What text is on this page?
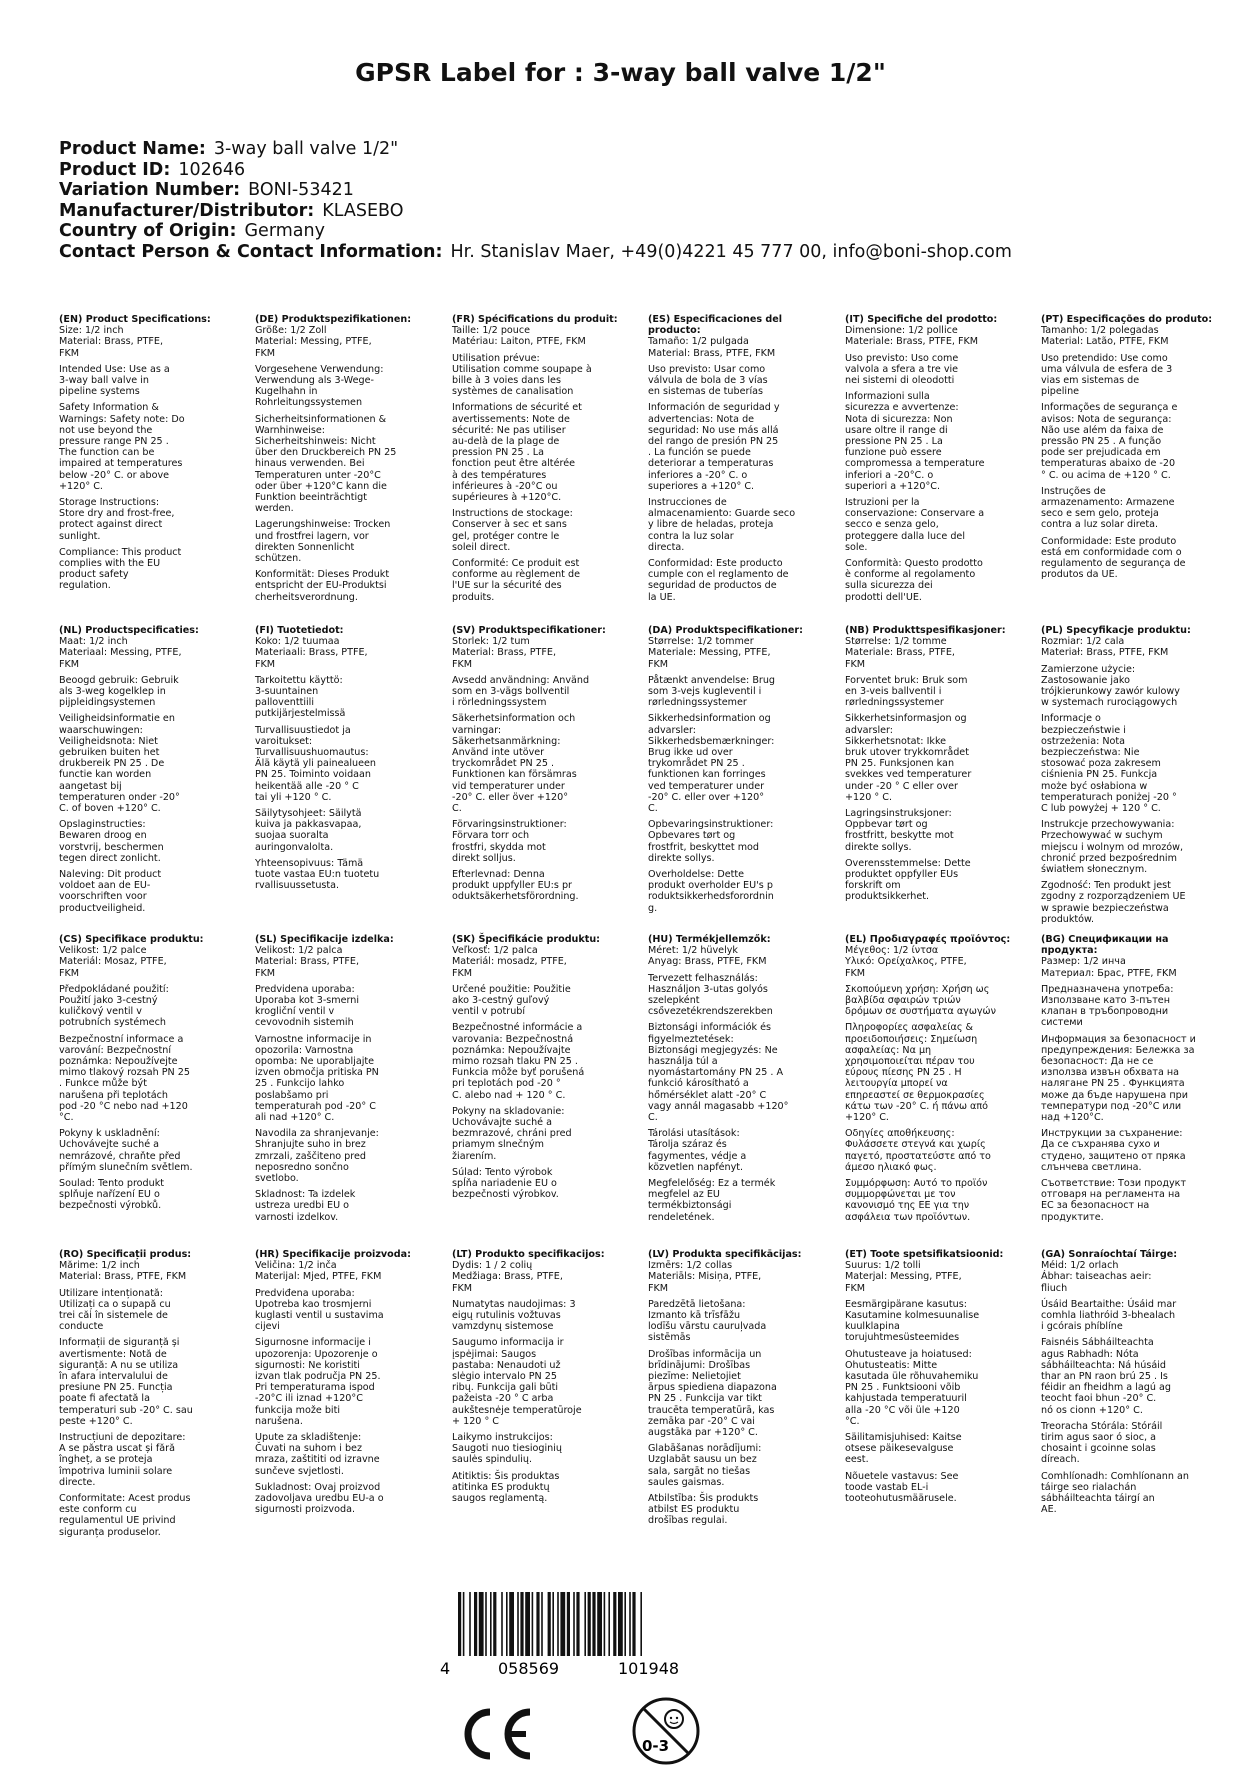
GPSR Label for : 3-way ball valve 1/2"
Product Name: 3-way ball valve 1/2"
Product ID: 102646
Variation Number: BONI-53421
Manufacturer/Distributor: KLASEBO
Country of Origin: Germany
Contact Person & Contact Information: Hr. Stanislav Maer, +49(0)4221 45 777 00, info@boni-shop.com
(EN) Product Specifications:
Size: 1/2 inch
Material: Brass, PTFE,
FKM
Intended Use: Use as a
3-way ball valve in
pipeline systems
Safety Information &
Warnings: Safety note: Do
not use beyond the
pressure range PN 25 .
The function can be
impaired at temperatures
below -20° C. or above
+120° C.
Storage Instructions:
Store dry and frost-free,
protect against direct
sunlight.
Compliance: This product
complies with the EU
product safety
regulation.
(DE) Produktspezifikationen:
Größe: 1/2 Zoll
Material: Messing, PTFE,
FKM
Vorgesehene Verwendung:
Verwendung als 3-Wege-
Kugelhahn in
Rohrleitungssystemen
Sicherheitsinformationen &
Warnhinweise:
Sicherheitshinweis: Nicht
über den Druckbereich PN 25
hinaus verwenden. Bei
Temperaturen unter -20°C
oder über +120°C kann die
Funktion beeinträchtigt
werden.
Lagerungshinweise: Trocken
und frostfrei lagern, vor
direkten Sonnenlicht
schützen.
Konformität: Dieses Produkt
entspricht der EU-Produktsi
cherheitsverordnung.
(FR) Spécifications du produit:
Taille: 1/2 pouce
Matériau: Laiton, PTFE, FKM
Utilisation prévue:
Utilisation comme soupape à
bille à 3 voies dans les
systèmes de canalisation
Informations de sécurité et
avertissements: Note de
sécurité: Ne pas utiliser
au-delà de la plage de
pression PN 25 . La
fonction peut être altérée
à des températures
inférieures à -20°C ou
supérieures à +120°C.
Instructions de stockage:
Conserver à sec et sans
gel, protéger contre le
soleil direct.
Conformité: Ce produit est
conforme au règlement de
l'UE sur la sécurité des
produits.
(ES) Especificaciones del producto:
Tamaño: 1/2 pulgada
Material: Brass, PTFE, FKM
Uso previsto: Usar como
válvula de bola de 3 vías
en sistemas de tuberías
Información de seguridad y
advertencias: Nota de
seguridad: No use más allá
del rango de presión PN 25
. La función se puede
deteriorar a temperaturas
inferiores a -20° C. o
superiores a +120° C.
Instrucciones de
almacenamiento: Guarde seco
y libre de heladas, proteja
contra la luz solar
directa.
Conformidad: Este producto
cumple con el reglamento de
seguridad de productos de
la UE.
(IT) Specifiche del prodotto:
Dimensione: 1/2 pollice
Materiale: Brass, PTFE, FKM
Uso previsto: Uso come
valvola a sfera a tre vie
nei sistemi di oleodotti
Informazioni sulla
sicurezza e avvertenze:
Nota di sicurezza: Non
usare oltre il range di
pressione PN 25 . La
funzione può essere
compromessa a temperature
inferiori a -20°C. o
superiori a +120°C.
Istruzioni per la
conservazione: Conservare a
secco e senza gelo,
proteggere dalla luce del
sole.
Conformità: Questo prodotto
è conforme al regolamento
sulla sicurezza dei
prodotti dell'UE.
(PT) Especificações do produto:
Tamanho: 1/2 polegadas
Material: Latão, PTFE, FKM
Uso pretendido: Use como
uma válvula de esfera de 3
vias em sistemas de
pipeline
Informações de segurança e
avisos: Nota de segurança:
Não use além da faixa de
pressão PN 25 . A função
pode ser prejudicada em
temperaturas abaixo de -20
° C. ou acima de +120 ° C.
Instruções de
armazenamento: Armazene
seco e sem gelo, proteja
contra a luz solar direta.
Conformidade: Este produto
está em conformidade com o
regulamento de segurança de
produtos da UE.
(NL) Productspecificaties:
Maat: 1/2 inch
Materiaal: Messing, PTFE,
FKM
Beoogd gebruik: Gebruik
als 3-weg kogelklep in
pijpleidingsystemen
Veiligheidsinformatie en
waarschuwingen:
Veiligheidsnota: Niet
gebruiken buiten het
drukbereik PN 25 . De
functie kan worden
aangetast bij
temperaturen onder -20°
C. of boven +120° C.
Opslaginstructies:
Bewaren droog en
vorstvrij, beschermen
tegen direct zonlicht.
Naleving: Dit product
voldoet aan de EU-
voorschriften voor
productveiligheid.
(FI) Tuotetiedot:
Koko: 1/2 tuumaa
Materiaali: Brass, PTFE,
FKM
Tarkoitettu käyttö:
3-suuntainen
palloventtiili
putkijärjestelmissä
Turvallisuustiedot ja
varoitukset:
Turvallisuushuomautus:
Älä käytä yli painealueen
PN 25. Toiminto voidaan
heikentää alle -20 ° C
tai yli +120 ° C.
Säilytysohjeet: Säilytä
kuiva ja pakkasvapaa,
suojaa suoralta
auringonvalolta.
Yhteensopivuus: Tämä
tuote vastaa EU:n tuotetu
rvallisuussetusta.
(SV) Produktspecifikationer:
Storlek: 1/2 tum
Material: Brass, PTFE,
FKM
Avsedd användning: Använd
som en 3-vägs bollventil
i rörledningssystem
Säkerhetsinformation och
varningar:
Säkerhetsanmärkning:
Använd inte utöver
tryckområdet PN 25 .
Funktionen kan försämras
vid temperaturer under
-20° C. eller över +120°
C.
Förvaringsinstruktioner:
Förvara torr och
frostfri, skydda mot
direkt solljus.
Efterlevnad: Denna
produkt uppfyller EU:s pr
oduktsäkerhetsförordning.
(DA) Produktspecifikationer:
Størrelse: 1/2 tommer
Materiale: Messing, PTFE,
FKM
Påtænkt anvendelse: Brug
som 3-vejs kugleventil i
rørledningssystemer
Sikkerhedsinformation og
advarsler:
Sikkerhedsbemærkninger:
Brug ikke ud over
trykområdet PN 25 .
funktionen kan forringes
ved temperaturer under
-20° C. eller over +120°
C.
Opbevaringsinstruktioner:
Opbevares tørt og
frostfrit, beskyttet mod
direkte sollys.
Overholdelse: Dette
produkt overholder EU's p
roduktsikkerhedsforordnin
g.
(NB) Produkttspesifikasjoner:
Størrelse: 1/2 tomme
Materiale: Brass, PTFE,
FKM
Forventet bruk: Bruk som
en 3-veis ballventil i
rørledningssystemer
Sikkerhetsinformasjon og
advarsler:
Sikkerhetsnotat: Ikke
bruk utover trykkområdet
PN 25. Funksjonen kan
svekkes ved temperaturer
under -20 ° C eller over
+120 ° C.
Lagringsinstruksjoner:
Oppbevar tørt og
frostfritt, beskytte mot
direkte sollys.
Overensstemmelse: Dette
produktet oppfyller EUs
forskrift om
produktsikkerhet.
(PL) Specyfikacje produktu:
Rozmiar: 1/2 cala
Materiał: Brass, PTFE, FKM
Zamierzone użycie:
Zastosowanie jako
trójkierunkowy zawór kulowy
w systemach rurociągowych
Informacje o
bezpieczeństwie i
ostrzeżenia: Nota
bezpieczeństwa: Nie
stosować poza zakresem
ciśnienia PN 25. Funkcja
może być osłabiona w
temperaturach poniżej -20 °
C lub powyżej + 120 ° C.
Instrukcje przechowywania:
Przechowywać w suchym
miejscu i wolnym od mrozów,
chronić przed bezpośrednim
światłem słonecznym.
Zgodność: Ten produkt jest
zgodny z rozporządzeniem UE
w sprawie bezpieczeństwa
produktów.
(CS) Specifikace produktu:
Velikost: 1/2 palce
Materiál: Mosaz, PTFE,
FKM
Předpokládané použití:
Použití jako 3-cestný
kuličkový ventil v
potrubních systémech
Bezpečnostní informace a
varování: Bezpečnostní
poznámka: Nepoužívejte
mimo tlakový rozsah PN 25
. Funkce může být
narušena při teplotách
pod -20 °C nebo nad +120
°C.
Pokyny k uskladnění:
Uchovávejte suché a
nemrázové, chraňte před
přímým slunečním světlem.
Soulad: Tento produkt
splňuje nařízení EU o
bezpečnosti výrobků.
(SL) Specifikacije izdelka:
Velikost: 1/2 palca
Material: Brass, PTFE,
FKM
Predvidena uporaba:
Uporaba kot 3-smerni
krogliční ventil v
cevovodnih sistemih
Varnostne informacije in
opozorila: Varnostna
opomba: Ne uporabljajte
izven območja pritiska PN
25 . Funkcijo lahko
poslabšamo pri
temperaturah pod -20° C
ali nad +120° C.
Navodila za shranjevanje:
Shranjujte suho in brez
zmrzali, zaščiteno pred
neposredno sončno
svetlobo.
Skladnost: Ta izdelek
ustreza uredbi EU o
varnosti izdelkov.
(SK) Špecifikácie produktu:
Veľkosť: 1/2 palca
Materiál: mosadz, PTFE,
FKM
Určené použitie: Použitie
ako 3-cestný guľový
ventil v potrubí
Bezpečnostné informácie a
varovania: Bezpečnostná
poznámka: Nepoužívajte
mimo rozsah tlaku PN 25 .
Funkcia môže byť porušená
pri teplotách pod -20 °
C. alebo nad + 120 ° C.
Pokyny na skladovanie:
Uchovávajte suché a
bezmrazové, chráni pred
priamym slnečným
žiarením.
Súlad: Tento výrobok
spĺňa nariadenie EU o
bezpečnosti výrobkov.
(HU) Termékjellemzők:
Méret: 1/2 hüvelyk
Anyag: Brass, PTFE, FKM
Tervezett felhasználás:
Használjon 3-utas golyós
szelepként
csővezetékrendszerekben
Biztonsági információk és
figyelmeztetések:
Biztonsági megjegyzés: Ne
használja túl a
nyomástartomány PN 25 . A
funkció károsítható a
hőmérséklet alatt -20° C
vagy annál magasabb +120°
C.
Tárolási utasítások:
Tárolja száraz és
fagymentes, védje a
közvetlen napfényt.
Megfelelőség: Ez a termék
megfelel az EU
termékbiztonsági
rendeletének.
(EL) Προδιαγραφές προϊόντος:
Μέγεθος: 1/2 ίντσα
Υλικό: Ορείχαλκος, PTFE,
FKM
Σκοπούμενη χρήση: Χρήση ως
βαλβίδα σφαιρών τριών
δρόμων σε συστήματα αγωγών
Πληροφορίες ασφαλείας &
προειδοποιήσεις: Σημείωση
ασφαλείας: Να μη
χρησιμοποιείται πέραν του
εύρους πίεσης PN 25 . Η
λειτουργία μπορεί να
επηρεαστεί σε θερμοκρασίες
κάτω των -20° C. ή πάνω από
+120° C.
Οδηγίες αποθήκευσης:
Φυλάσσετε στεγνά και χωρίς
παγετό, προστατεύστε από το
άμεσο ηλιακό φως.
Συμμόρφωση: Αυτό το προϊόν
συμμορφώνεται με τον
κανονισμό της ΕΕ για την
ασφάλεια των προϊόντων.
(BG) Спецификации на продукта:
Размер: 1/2 инча
Материал: Брас, PTFE, FKM
Предназначена употреба:
Използване като 3-пътен
клапан в тръбопроводни
системи
Информация за безопасност и
предупреждения: Бележка за
безопасност: Да не се
използва извън обхвата на
налягане PN 25 . Функцията
може да бъде нарушена при
температури под -20°C или
над +120°C.
Инструкции за съхранение:
Да се съхранява сухо и
студено, защитено от пряка
слънчева светлина.
Съответствие: Този продукт
отговаря на регламента на
ЕС за безопасност на
продуктите.
(RO) Specificații produs:
Mărime: 1/2 inch
Material: Brass, PTFE, FKM
Utilizare intenționată:
Utilizați ca o supapă cu
trei căi în sistemele de
conducte
Informații de siguranță și
avertismente: Notă de
siguranță: A nu se utiliza
în afara intervalului de
presiune PN 25. Funcția
poate fi afectată la
temperaturi sub -20° C. sau
peste +120° C.
Instrucțiuni de depozitare:
A se păstra uscat și fără
îngheț, a se proteja
împotriva luminii solare
directe.
Conformitate: Acest produs
este conform cu
regulamentul UE privind
siguranța produselor.
(HR) Specifikacije proizvoda:
Veličina: 1/2 inča
Materijal: Mjed, PTFE, FKM
Predviđena uporaba:
Upotreba kao trosmjerni
kuglasti ventil u sustavima
cijevi
Sigurnosne informacije i
upozorenja: Upozorenje o
sigurnosti: Ne koristiti
izvan tlak područja PN 25.
Pri temperaturama ispod
-20°C ili iznad +120°C
funkcija može biti
narušena.
Upute za skladištenje:
Čuvati na suhom i bez
mraza, zaštititi od izravne
sunčeve svjetlosti.
Sukladnost: Ovaj proizvod
zadovoljava uredbu EU-a o
sigurnosti proizvoda.
(LT) Produkto specifikacijos:
Dydis: 1 / 2 colių
Medžiaga: Brass, PTFE,
FKM
Numatytas naudojimas: 3
eigų rutulinis vožtuvas
vamzdynų sistemose
Saugumo informacija ir
įspėjimai: Saugos
pastaba: Nenaudoti už
slėgio intervalo PN 25
ribų. Funkcija gali būti
pažeista -20 ° C arba
aukštesnėje temperatūroje
+ 120 ° C
Laikymo instrukcijos:
Saugoti nuo tiesioginių
saulės spindulių.
Atitiktis: Šis produktas
atitinka ES produktų
saugos reglamentą.
(LV) Produkta specifikācijas:
Izmērs: 1/2 collas
Materiāls: Misiņa, PTFE,
FKM
Paredzētā lietošana:
Izmanto kā trīsfāžu
lodīšu vārstu cauruļvada
sistēmās
Drošības informācija un
brīdinājumi: Drošības
piezīme: Nelietojiet
ārpus spiediena diapazona
PN 25 . Funkcija var tikt
traucēta temperatūrā, kas
zemāka par -20° C vai
augstāka par +120° C.
Glabāšanas norādījumi:
Uzglabāt sausu un bez
sala, sargāt no tiešas
saules gaismas.
Atbilstība: Šis produkts
atbilst ES produktu
drošības regulai.
(ET) Toote spetsifikatsioonid:
Suurus: 1/2 tolli
Materjal: Messing, PTFE,
FKM
Eesmärgipärane kasutus:
Kasutamine kolmesuunalise
kuulklapina
torujuhtmesüsteemides
Ohutusteave ja hoiatused:
Ohutusteatis: Mitte
kasutada üle rõhuvahemiku
PN 25 . Funktsiooni võib
kahjustada temperatuuril
alla -20 °C või üle +120
°C.
Säilitamisjuhised: Kaitse
otsese päikesevalguse
eest.
Nõuetele vastavus: See
toode vastab EL-i
tooteohutusmäärusele.
(GA) Sonraíochtaí Táirge:
Méid: 1/2 orlach
Ábhar: taiseachas aeir:
fliuch
Úsáid Beartaithe: Úsáid mar
comhla liathróid 3-bhealach
i gcórais phíblíne
Faisnéis Sábháilteachta
agus Rabhadh: Nóta
sábháilteachta: Ná húsáid
thar an PN raon brú 25 . Is
féidir an fheidhm a lagú ag
teocht faoi bhun -20° C.
nó os cionn +120° C.
Treoracha Stórála: Stóráil
tirim agus saor ó sioc, a
chosaint i gcoinne solas
díreach.
Comhlíonadh: Comhlíonann an
táirge seo rialachán
sábháilteachta táirgí an
AE.
4	058569	101948
0-3
